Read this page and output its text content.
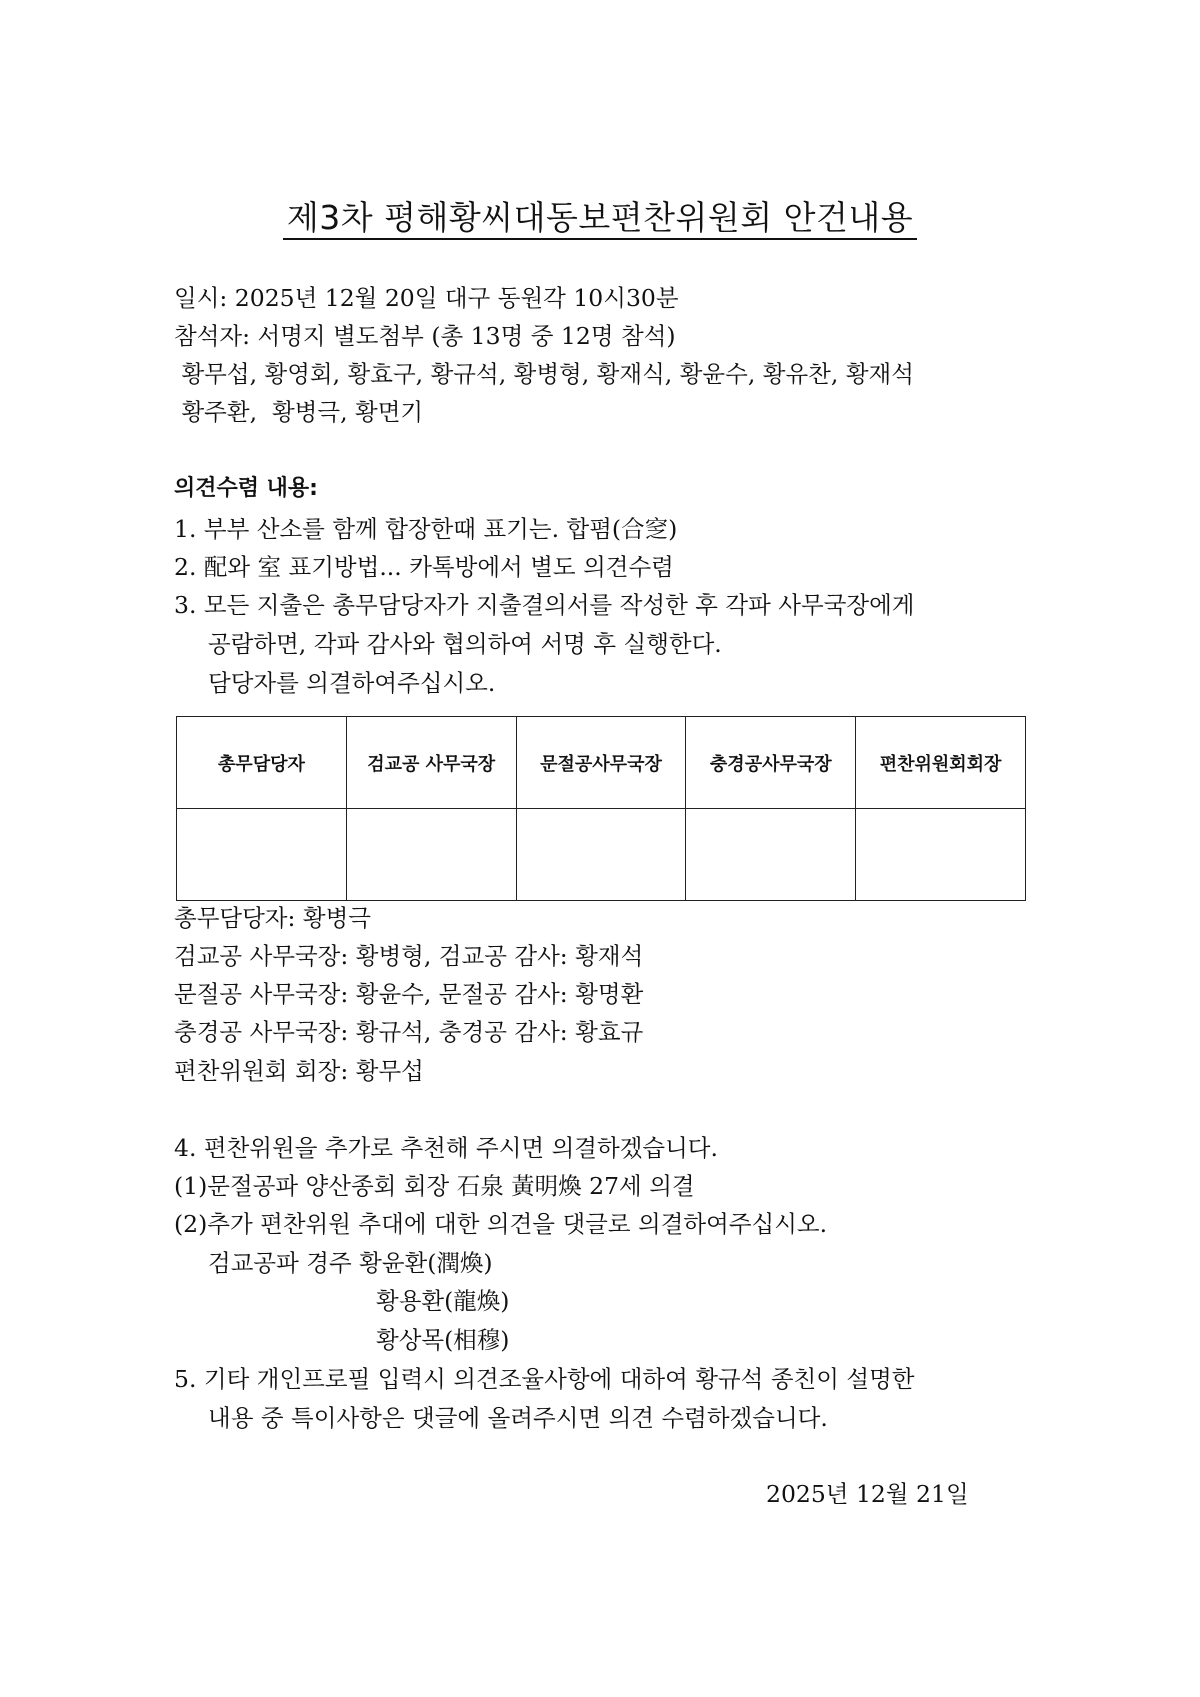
제3차 평해황씨대동보편찬위원회 안건내용
일시: 2025년 12월 20일 대구 동원각 10시30분
참석자: 서명지 별도첨부 (총 13명 중 12명 참석)
황무섭, 황영회, 황효구, 황규석, 황병형, 황재식, 황윤수, 황유찬, 황재석
황주환,  황병극, 황면기
의견수렴 내용:
1. 부부 산소를 함께 합장한때 표기는. 합폄(合窆)
2. 配와 室 표기방법... 카톡방에서 별도 의견수렴
3. 모든 지출은 총무담당자가 지출결의서를 작성한 후 각파 사무국장에게
공람하면, 각파 감사와 협의하여 서명 후 실행한다.
담당자를 의결하여주십시오.
총무담당자	검교공 사무국장	문절공사무국장	충경공사무국장	편찬위원회회장

총무담당자: 황병극
검교공 사무국장: 황병형, 검교공 감사: 황재석
문절공 사무국장: 황윤수, 문절공 감사: 황명환
충경공 사무국장: 황규석, 충경공 감사: 황효규
편찬위원회 회장: 황무섭
4. 편찬위원을 추가로 추천해 주시면 의결하겠습니다.
(1)문절공파 양산종회 회장 石泉 黃明煥 27세 의결
(2)추가 편찬위원 추대에 대한 의견을 댓글로 의결하여주십시오.
검교공파 경주 황윤환(潤煥)
황용환(龍煥)
황상목(相穆)
5. 기타 개인프로필 입력시 의견조율사항에 대하여 황규석 종친이 설명한
내용 중 특이사항은 댓글에 올려주시면 의견 수렴하겠습니다.
2025년 12월 21일
